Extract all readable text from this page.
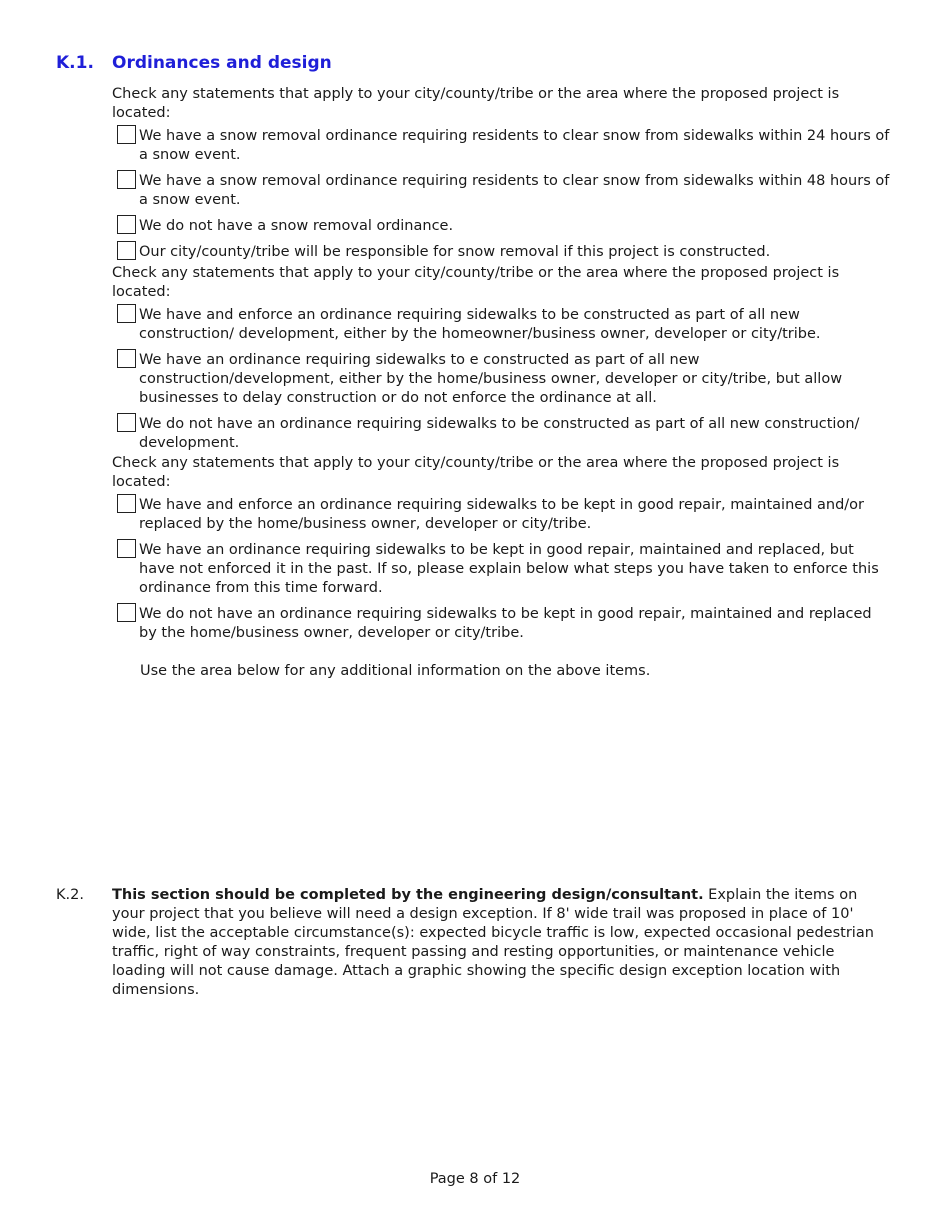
K.1.	Ordinances and design

Check any statements that apply to your city/county/tribe or the area where the proposed project is located:

We have a snow removal ordinance requiring residents to clear snow from sidewalks within 24 hours of a snow event.
We have a snow removal ordinance requiring residents to clear snow from sidewalks within 48 hours of a snow event.
We do not have a snow removal ordinance.
Our city/county/tribe will be responsible for snow removal if this project is constructed.

Check any statements that apply to your city/county/tribe or the area where the proposed project is located:

We have and enforce an ordinance requiring sidewalks to be constructed as part of all new construction/ development, either by the homeowner/business owner, developer or city/tribe.
We have an ordinance requiring sidewalks to e constructed as part of all new construction/development, either by the home/business owner, developer or city/tribe, but allow businesses to delay construction or do not enforce the ordinance at all.
We do not have an ordinance requiring sidewalks to be constructed as part of all new construction/ development.

Check any statements that apply to your city/county/tribe or the area where the proposed project is located:

We have and enforce an ordinance requiring sidewalks to be kept in good repair, maintained and/or replaced by the home/business owner, developer or city/tribe.
We have an ordinance requiring sidewalks to be kept in good repair, maintained and replaced, but have not enforced it in the past. If so, please explain below what steps you have taken to enforce this ordinance from this time forward.
We do not have an ordinance requiring sidewalks to be kept in good repair, maintained and replaced by the home/business owner, developer or city/tribe.
Use the area below for any additional information on the above items.
K.2.	This section should be completed by the engineering design/consultant. Explain the items on your project that you believe will need a design exception. If 8' wide trail was proposed in place of 10' wide, list the acceptable circumstance(s): expected bicycle traffic is low, expected occasional pedestrian traffic, right of way constraints, frequent passing and resting opportunities, or maintenance vehicle loading will not cause damage. Attach a graphic showing the specific design exception location with dimensions.
Page 8 of 12
